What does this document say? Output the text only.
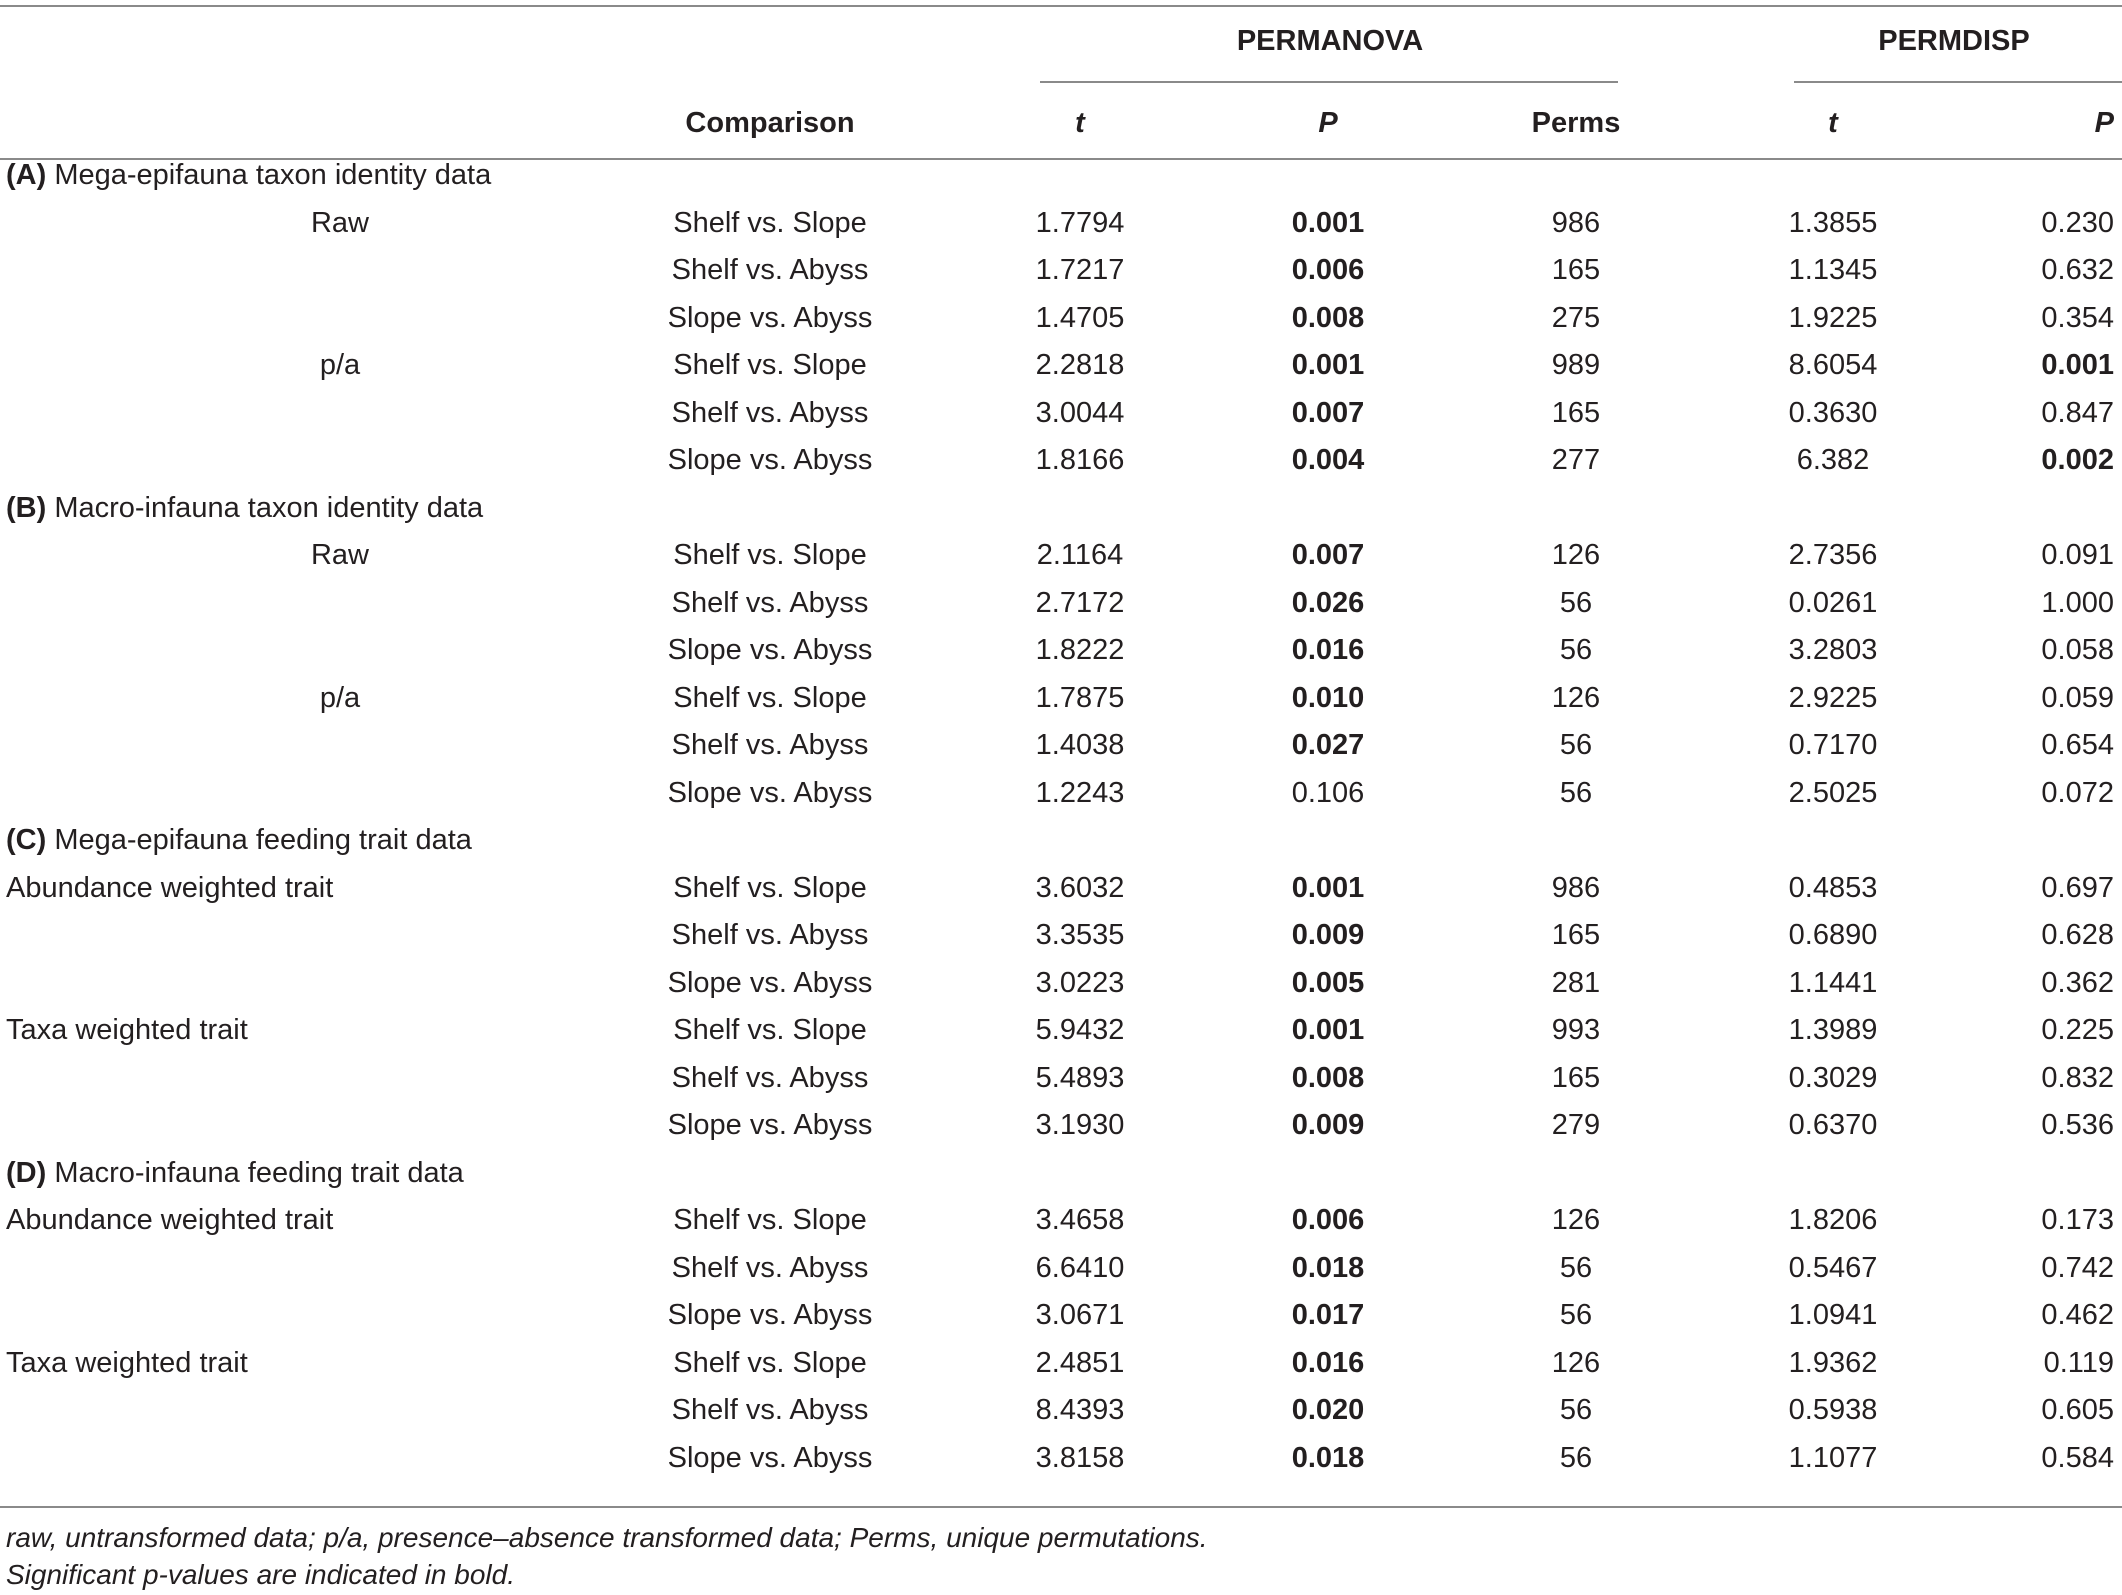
PERMANOVA	PERMDISP
Comparison	t	P	Perms	t	P
(A) Mega-epifauna taxon identity data
Raw	Shelf vs. Slope	1.7794	0.001	986	1.3855	0.230
Shelf vs. Abyss	1.7217	0.006	165	1.1345	0.632
Slope vs. Abyss	1.4705	0.008	275	1.9225	0.354
p/a	Shelf vs. Slope	2.2818	0.001	989	8.6054	0.001
Shelf vs. Abyss	3.0044	0.007	165	0.3630	0.847
Slope vs. Abyss	1.8166	0.004	277	6.382	0.002
(B) Macro-infauna taxon identity data
Raw	Shelf vs. Slope	2.1164	0.007	126	2.7356	0.091
Shelf vs. Abyss	2.7172	0.026	56	0.0261	1.000
Slope vs. Abyss	1.8222	0.016	56	3.2803	0.058
p/a	Shelf vs. Slope	1.7875	0.010	126	2.9225	0.059
Shelf vs. Abyss	1.4038	0.027	56	0.7170	0.654
Slope vs. Abyss	1.2243	0.106	56	2.5025	0.072
(C) Mega-epifauna feeding trait data
Abundance weighted trait	Shelf vs. Slope	3.6032	0.001	986	0.4853	0.697
Shelf vs. Abyss	3.3535	0.009	165	0.6890	0.628
Slope vs. Abyss	3.0223	0.005	281	1.1441	0.362
Taxa weighted trait	Shelf vs. Slope	5.9432	0.001	993	1.3989	0.225
Shelf vs. Abyss	5.4893	0.008	165	0.3029	0.832
Slope vs. Abyss	3.1930	0.009	279	0.6370	0.536
(D) Macro-infauna feeding trait data
Abundance weighted trait	Shelf vs. Slope	3.4658	0.006	126	1.8206	0.173
Shelf vs. Abyss	6.6410	0.018	56	0.5467	0.742
Slope vs. Abyss	3.0671	0.017	56	1.0941	0.462
Taxa weighted trait	Shelf vs. Slope	2.4851	0.016	126	1.9362	0.119
Shelf vs. Abyss	8.4393	0.020	56	0.5938	0.605
Slope vs. Abyss	3.8158	0.018	56	1.1077	0.584
raw, untransformed data; p/a, presence–absence transformed data; Perms, unique permutations.
Significant p-values are indicated in bold.
